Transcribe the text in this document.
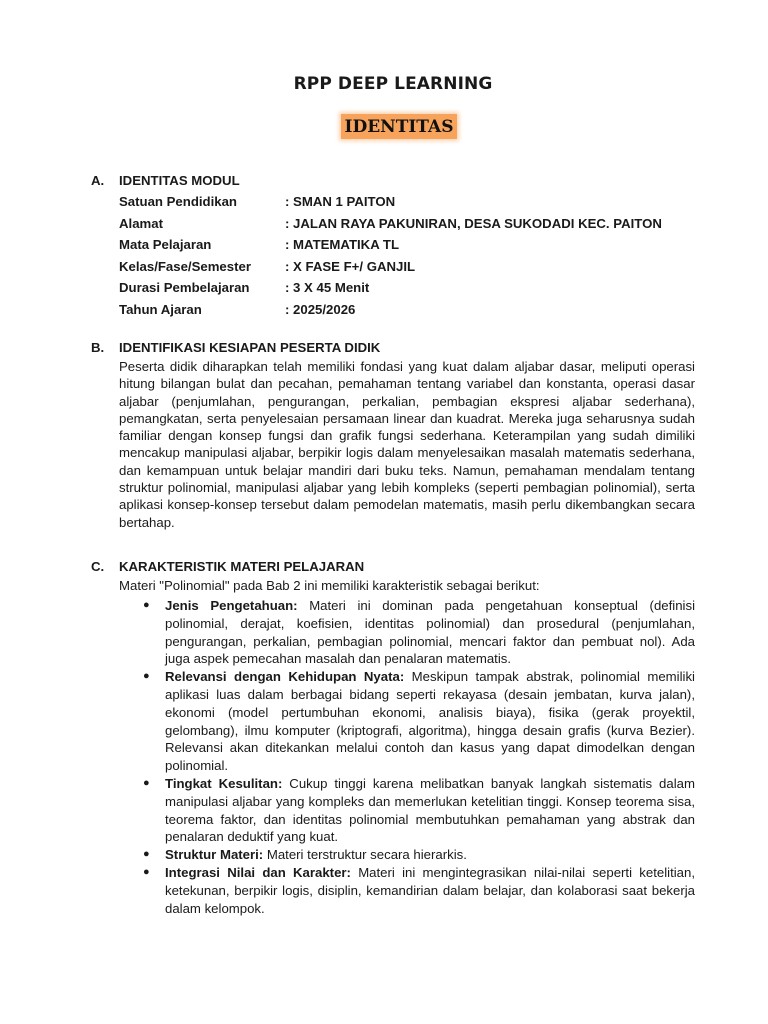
RPP DEEP LEARNING
IDENTITAS
A.	IDENTITAS MODUL
Satuan Pendidikan	: SMAN 1 PAITON
Alamat	: JALAN RAYA PAKUNIRAN, DESA SUKODADI KEC. PAITON
Mata Pelajaran	: MATEMATIKA TL
Kelas/Fase/Semester	: X FASE F+/ GANJIL
Durasi Pembelajaran	: 3 X 45 Menit
Tahun Ajaran	: 2025/2026
B.	IDENTIFIKASI KESIAPAN PESERTA DIDIK

Peserta didik diharapkan telah memiliki fondasi yang kuat dalam aljabar dasar, meliputi operasi hitung bilangan bulat dan pecahan, pemahaman tentang variabel dan konstanta, operasi dasar aljabar (penjumlahan, pengurangan, perkalian, pembagian ekspresi aljabar sederhana), pemangkatan, serta penyelesaian persamaan linear dan kuadrat. Mereka juga seharusnya sudah familiar dengan konsep fungsi dan grafik fungsi sederhana. Keterampilan yang sudah dimiliki mencakup manipulasi aljabar, berpikir logis dalam menyelesaikan masalah matematis sederhana, dan kemampuan untuk belajar mandiri dari buku teks. Namun, pemahaman mendalam tentang struktur polinomial, manipulasi aljabar yang lebih kompleks (seperti pembagian polinomial), serta aplikasi konsep-konsep tersebut dalam pemodelan matematis, masih perlu dikembangkan secara bertahap.

C.	KARAKTERISTIK MATERI PELAJARAN

Materi "Polinomial" pada Bab 2 ini memiliki karakteristik sebagai berikut:

● Jenis Pengetahuan: Materi ini dominan pada pengetahuan konseptual (definisi polinomial, derajat, koefisien, identitas polinomial) dan prosedural (penjumlahan, pengurangan, perkalian, pembagian polinomial, mencari faktor dan pembuat nol). Ada juga aspek pemecahan masalah dan penalaran matematis.
● Relevansi dengan Kehidupan Nyata: Meskipun tampak abstrak, polinomial memiliki aplikasi luas dalam berbagai bidang seperti rekayasa (desain jembatan, kurva jalan), ekonomi (model pertumbuhan ekonomi, analisis biaya), fisika (gerak proyektil, gelombang), ilmu komputer (kriptografi, algoritma), hingga desain grafis (kurva Bezier). Relevansi akan ditekankan melalui contoh dan kasus yang dapat dimodelkan dengan polinomial.
● Tingkat Kesulitan: Cukup tinggi karena melibatkan banyak langkah sistematis dalam manipulasi aljabar yang kompleks dan memerlukan ketelitian tinggi. Konsep teorema sisa, teorema faktor, dan identitas polinomial membutuhkan pemahaman yang abstrak dan penalaran deduktif yang kuat.
● Struktur Materi: Materi terstruktur secara hierarkis.
● Integrasi Nilai dan Karakter: Materi ini mengintegrasikan nilai-nilai seperti ketelitian, ketekunan, berpikir logis, disiplin, kemandirian dalam belajar, dan kolaborasi saat bekerja dalam kelompok.
